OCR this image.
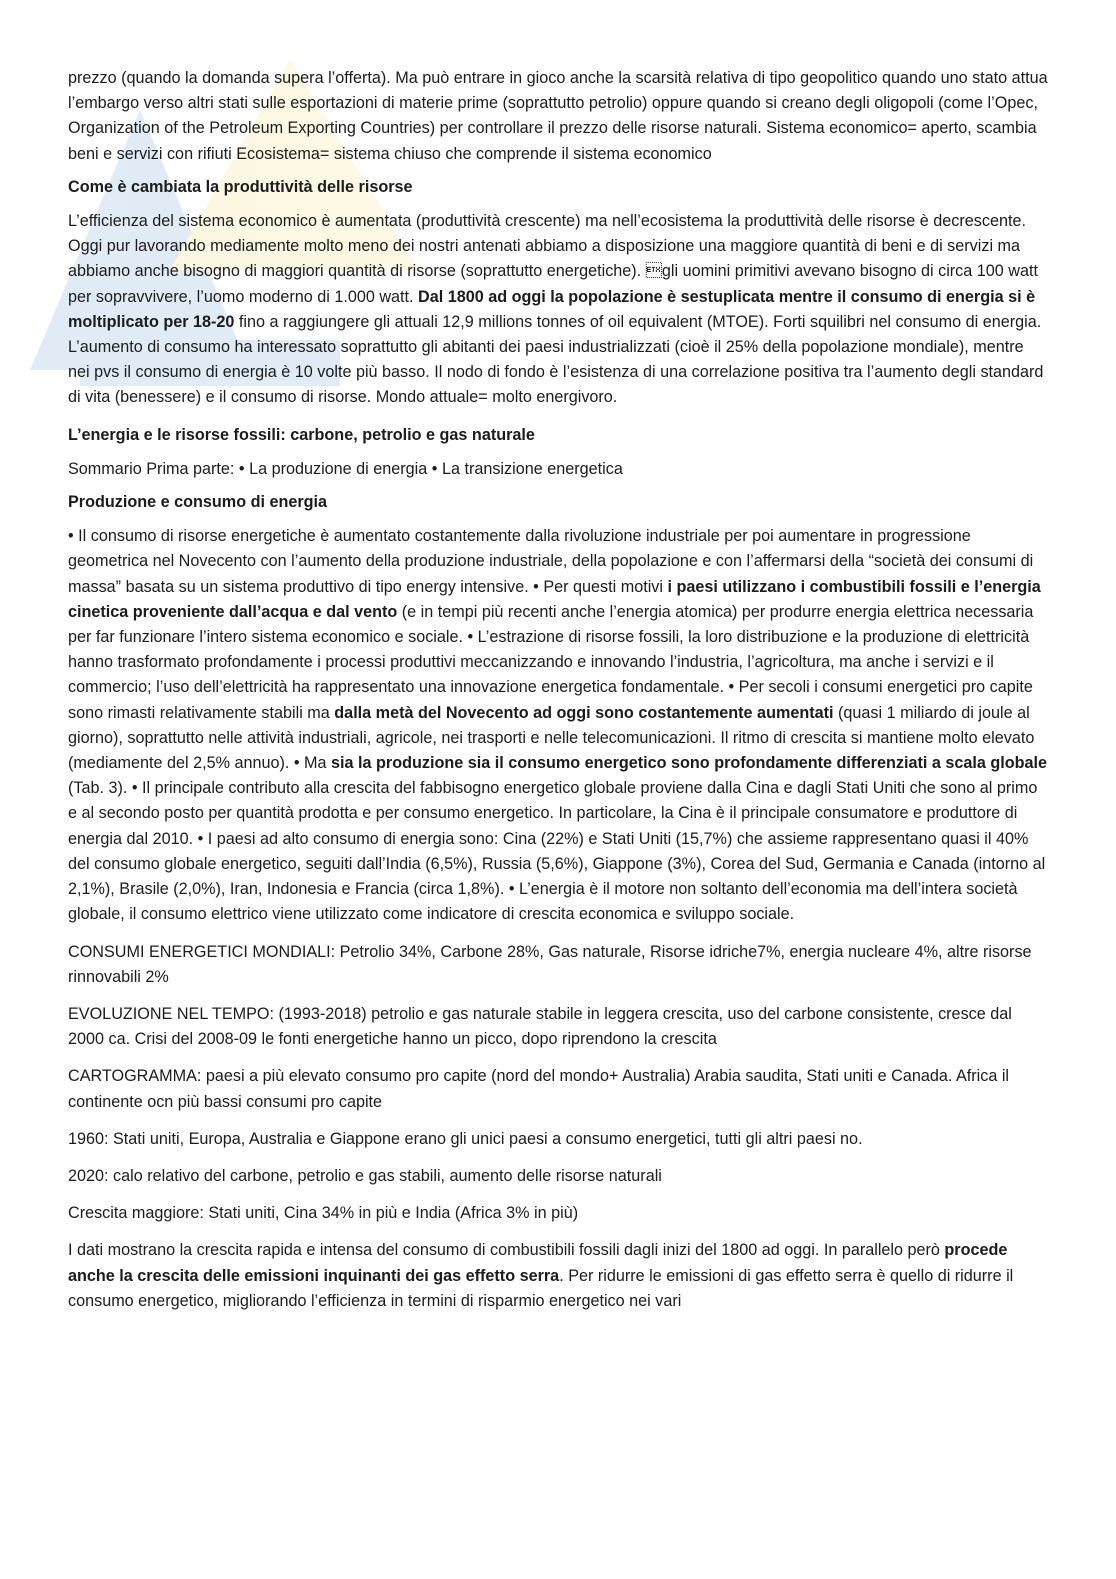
prezzo (quando la domanda supera l’offerta). Ma può entrare in gioco anche la scarsità relativa di tipo geopolitico quando uno stato attua l’embargo verso altri stati sulle esportazioni di materie prime (soprattutto petrolio) oppure quando si creano degli oligopoli (come l’Opec, Organization of the Petroleum Exporting Countries) per controllare il prezzo delle risorse naturali. Sistema economico= aperto, scambia beni e servizi con rifiuti Ecosistema= sistema chiuso che comprende il sistema economico

Come è cambiata la produttività delle risorse

L’efficienza del sistema economico è aumentata (produttività crescente) ma nell’ecosistema la produttività delle risorse è decrescente. Oggi pur lavorando mediamente molto meno dei nostri antenati abbiamo a disposizione una maggiore quantità di beni e di servizi ma abbiamo anche bisogno di maggiori quantità di risorse (soprattutto energetiche). gli uomini primitivi avevano bisogno di circa 100 watt per sopravvivere, l’uomo moderno di 1.000 watt. Dal 1800 ad oggi la popolazione è sestuplicata mentre il consumo di energia si è moltiplicato per 18-20 fino a raggiungere gli attuali 12,9 millions tonnes of oil equivalent (MTOE). Forti squilibri nel consumo di energia. L’aumento di consumo ha interessato soprattutto gli abitanti dei paesi industrializzati (cioè il 25% della popolazione mondiale), mentre nei pvs il consumo di energia è 10 volte più basso. Il nodo di fondo è l’esistenza di una correlazione positiva tra l’aumento degli standard di vita (benessere) e il consumo di risorse. Mondo attuale= molto energivoro.

L’energia e le risorse fossili: carbone, petrolio e gas naturale

Sommario Prima parte: • La produzione di energia • La transizione energetica

Produzione e consumo di energia

• Il consumo di risorse energetiche è aumentato costantemente dalla rivoluzione industriale per poi aumentare in progressione geometrica nel Novecento con l’aumento della produzione industriale, della popolazione e con l’affermarsi della “società dei consumi di massa” basata su un sistema produttivo di tipo energy intensive. • Per questi motivi i paesi utilizzano i combustibili fossili e l’energia cinetica proveniente dall’acqua e dal vento (e in tempi più recenti anche l’energia atomica) per produrre energia elettrica necessaria per far funzionare l’intero sistema economico e sociale. • L’estrazione di risorse fossili, la loro distribuzione e la produzione di elettricità hanno trasformato profondamente i processi produttivi meccanizzando e innovando l’industria, l’agricoltura, ma anche i servizi e il commercio; l’uso dell’elettricità ha rappresentato una innovazione energetica fondamentale. • Per secoli i consumi energetici pro capite sono rimasti relativamente stabili ma dalla metà del Novecento ad oggi sono costantemente aumentati (quasi 1 miliardo di joule al giorno), soprattutto nelle attività industriali, agricole, nei trasporti e nelle telecomunicazioni. Il ritmo di crescita si mantiene molto elevato (mediamente del 2,5% annuo). • Ma sia la produzione sia il consumo energetico sono profondamente differenziati a scala globale (Tab. 3). • Il principale contributo alla crescita del fabbisogno energetico globale proviene dalla Cina e dagli Stati Uniti che sono al primo e al secondo posto per quantità prodotta e per consumo energetico. In particolare, la Cina è il principale consumatore e produttore di energia dal 2010. • I paesi ad alto consumo di energia sono: Cina (22%) e Stati Uniti (15,7%) che assieme rappresentano quasi il 40% del consumo globale energetico, seguiti dall’India (6,5%), Russia (5,6%), Giappone (3%), Corea del Sud, Germania e Canada (intorno al 2,1%), Brasile (2,0%), Iran, Indonesia e Francia (circa 1,8%). • L’energia è il motore non soltanto dell’economia ma dell’intera società globale, il consumo elettrico viene utilizzato come indicatore di crescita economica e sviluppo sociale.

CONSUMI ENERGETICI MONDIALI: Petrolio 34%, Carbone 28%, Gas naturale, Risorse idriche7%, energia nucleare 4%, altre risorse rinnovabili 2%

EVOLUZIONE NEL TEMPO: (1993-2018) petrolio e gas naturale stabile in leggera crescita, uso del carbone consistente, cresce dal 2000 ca. Crisi del 2008-09 le fonti energetiche hanno un picco, dopo riprendono la crescita

CARTOGRAMMA: paesi a più elevato consumo pro capite (nord del mondo+ Australia) Arabia saudita, Stati uniti e Canada. Africa il continente ocn più bassi consumi pro capite

1960: Stati uniti, Europa, Australia e Giappone erano gli unici paesi a consumo energetici, tutti gli altri paesi no.

2020: calo relativo del carbone, petrolio e gas stabili, aumento delle risorse naturali

Crescita maggiore: Stati uniti, Cina 34% in più e India (Africa 3% in più)

I dati mostrano la crescita rapida e intensa del consumo di combustibili fossili dagli inizi del 1800 ad oggi. In parallelo però procede anche la crescita delle emissioni inquinanti dei gas effetto serra. Per ridurre le emissioni di gas effetto serra è quello di ridurre il consumo energetico, migliorando l’efficienza in termini di risparmio energetico nei vari
